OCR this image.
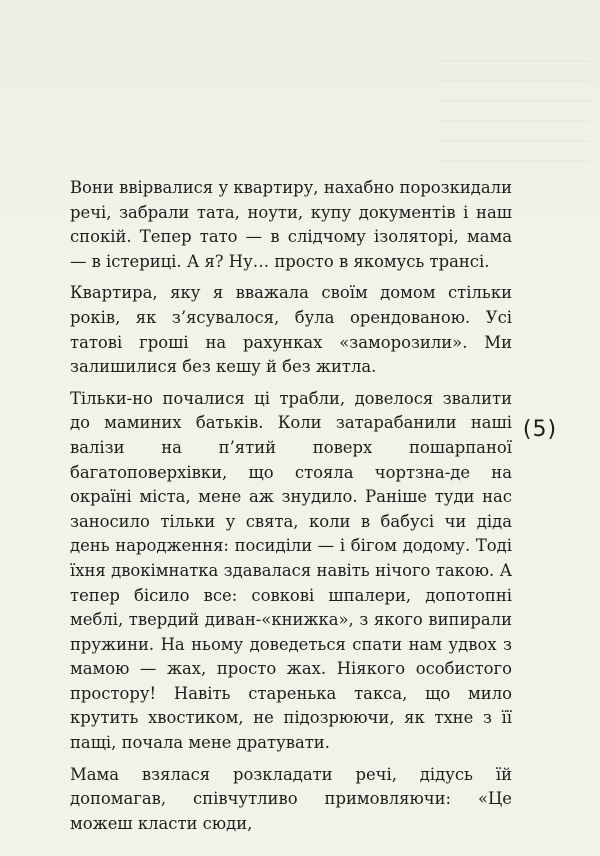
Вони ввірвалися у квартиру, нахабно порозкидали речі, забрали тата, ноути, купу документів і наш спокій. Тепер тато — в слідчому ізоляторі, мама — в істериці. А я? Ну… просто в якомусь трансі.

Квартира, яку я вважала своїм домом стільки років, як з’ясувалося, була орендованою. Усі татові гроші на рахунках «заморозили». Ми залишилися без кешу й без житла.

Тільки-но почалися ці трабли, довелося звалити до маминих батьків. Коли затарабанили наші валізи на п’ятий поверх пошарпаної багатоповерхівки, що стояла чортзна-де на окраїні міста, мене аж знудило. Раніше туди нас заносило тільки у свята, коли в бабусі чи діда день народження: посиділи — і бігом додому. Тоді їхня двокімнатка здавалася навіть нічого такою. А тепер бісило все: совкові шпалери, допотопні меблі, твердий диван-«книжка», з якого випирали пружини. На ньому доведеться спати нам удвох з мамою — жах, просто жах. Ніякого особистого простору! Навіть старенька такса, що мило крутить хвостиком, не підозрюючи, як тхне з її пащі, почала мене дратувати.

Мама взялася розкладати речі, дідусь їй допомагав, співчутливо примовляючи: «Це можеш класти сюди,

(5)
